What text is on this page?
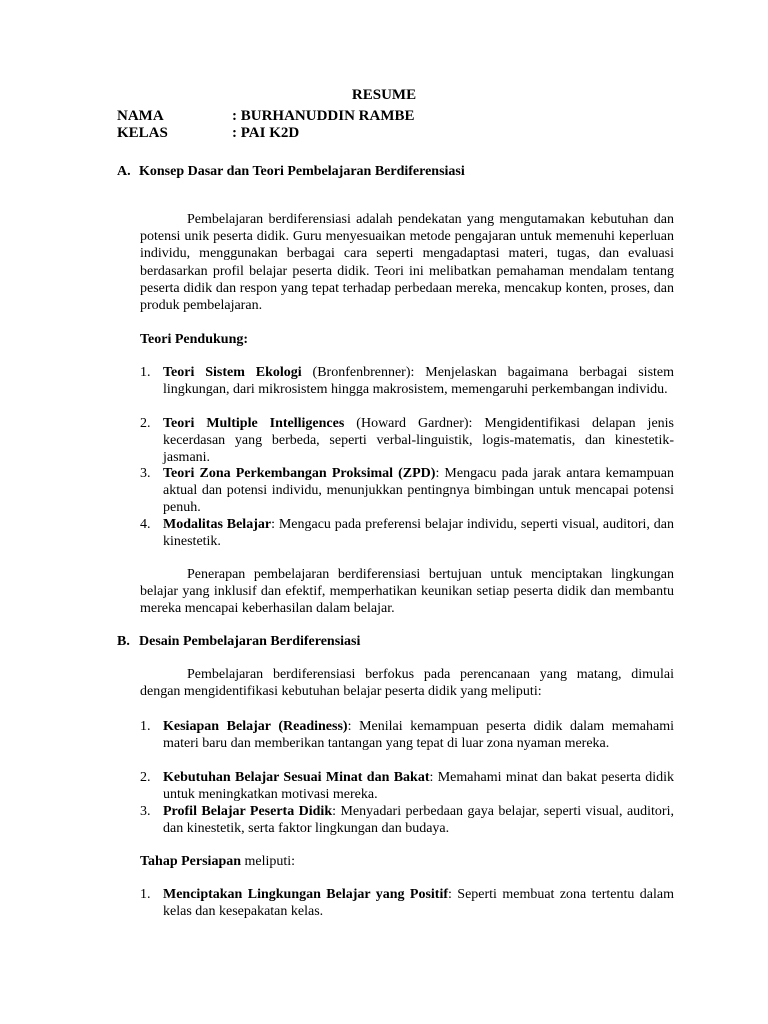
RESUME
NAMA	: BURHANUDDIN RAMBE
KELAS	: PAI K2D
A. Konsep Dasar dan Teori Pembelajaran Berdiferensiasi

Pembelajaran berdiferensiasi adalah pendekatan yang mengutamakan kebutuhan dan potensi unik peserta didik. Guru menyesuaikan metode pengajaran untuk memenuhi keperluan individu, menggunakan berbagai cara seperti mengadaptasi materi, tugas, dan evaluasi berdasarkan profil belajar peserta didik. Teori ini melibatkan pemahaman mendalam tentang peserta didik dan respon yang tepat terhadap perbedaan mereka, mencakup konten, proses, dan produk pembelajaran.

Teori Pendukung:
1. Teori Sistem Ekologi (Bronfenbrenner): Menjelaskan bagaimana berbagai sistem lingkungan, dari mikrosistem hingga makrosistem, memengaruhi perkembangan individu.
2. Teori Multiple Intelligences (Howard Gardner): Mengidentifikasi delapan jenis kecerdasan yang berbeda, seperti verbal-linguistik, logis-matematis, dan kinestetik-jasmani.
3. Teori Zona Perkembangan Proksimal (ZPD): Mengacu pada jarak antara kemampuan aktual dan potensi individu, menunjukkan pentingnya bimbingan untuk mencapai potensi penuh.
4. Modalitas Belajar: Mengacu pada preferensi belajar individu, seperti visual, auditori, dan kinestetik.

Penerapan pembelajaran berdiferensiasi bertujuan untuk menciptakan lingkungan belajar yang inklusif dan efektif, memperhatikan keunikan setiap peserta didik dan membantu mereka mencapai keberhasilan dalam belajar.

B. Desain Pembelajaran Berdiferensiasi

Pembelajaran berdiferensiasi berfokus pada perencanaan yang matang, dimulai dengan mengidentifikasi kebutuhan belajar peserta didik yang meliputi:

1. Kesiapan Belajar (Readiness): Menilai kemampuan peserta didik dalam memahami materi baru dan memberikan tantangan yang tepat di luar zona nyaman mereka.
2. Kebutuhan Belajar Sesuai Minat dan Bakat: Memahami minat dan bakat peserta didik untuk meningkatkan motivasi mereka.
3. Profil Belajar Peserta Didik: Menyadari perbedaan gaya belajar, seperti visual, auditori, dan kinestetik, serta faktor lingkungan dan budaya.
Tahap Persiapan meliputi:
1. Menciptakan Lingkungan Belajar yang Positif: Seperti membuat zona tertentu dalam kelas dan kesepakatan kelas.
